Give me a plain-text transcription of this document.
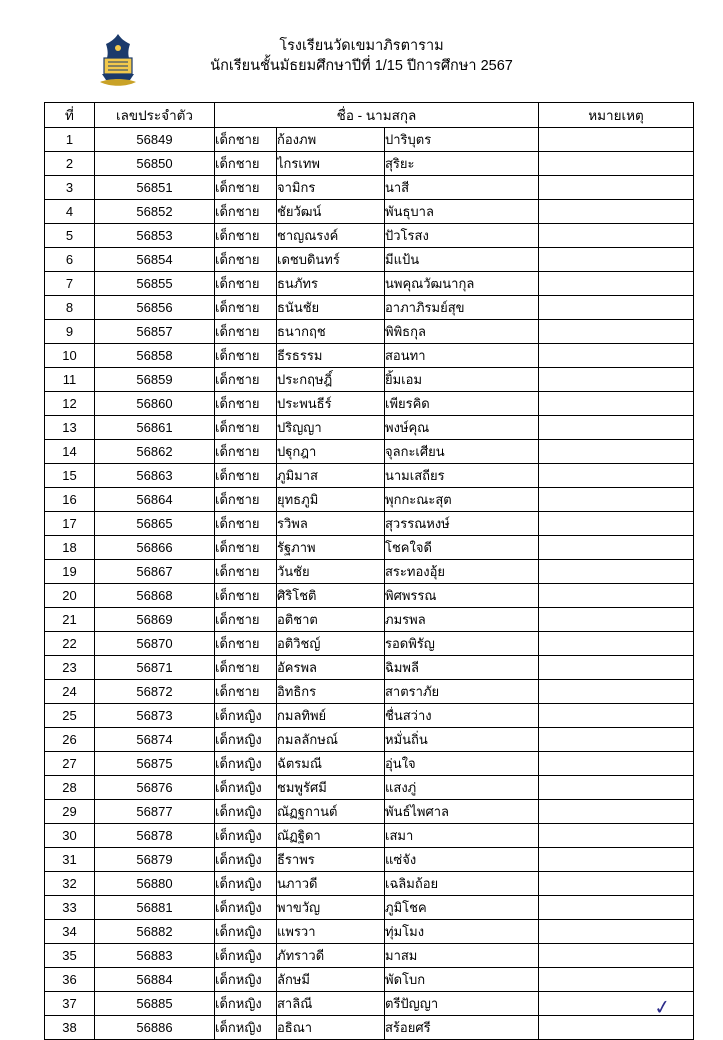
โรงเรียนวัดเขมาภิรตาราม
นักเรียนชั้นมัธยมศึกษาปีที่ 1/15 ปีการศึกษา 2567
ที่	เลขประจำตัว	ชื่อ - นามสกุล			หมายเหตุ
1	56849	เด็กชาย	ก้องภพ	ปาริบุตร	
2	56850	เด็กชาย	ไกรเทพ	สุริยะ	
3	56851	เด็กชาย	จามิกร	นาสี	
4	56852	เด็กชาย	ชัยวัฒน์	พันธุบาล	
5	56853	เด็กชาย	ชาญณรงค์	ปัวโรสง	
6	56854	เด็กชาย	เดชบดินทร์	มีแป้น	
7	56855	เด็กชาย	ธนภัทร	นพคุณวัฒนากุล	
8	56856	เด็กชาย	ธนันชัย	อาภาภิรมย์สุข	
9	56857	เด็กชาย	ธนากฤช	พิพิธกุล	
10	56858	เด็กชาย	ธีรธรรม	สอนทา	
11	56859	เด็กชาย	ประกฤษฎิ์	ยิ้มเอม	
12	56860	เด็กชาย	ประพนธีร์	เพียรคิด	
13	56861	เด็กชาย	ปริญญา	พงษ์คุณ	
14	56862	เด็กชาย	ปฐุกฎา	จุลกะเศียน	
15	56863	เด็กชาย	ภูมิมาส	นามเสถียร	
16	56864	เด็กชาย	ยุทธภูมิ	พุกกะณะสุต	
17	56865	เด็กชาย	รวิพล	สุวรรณหงษ์	
18	56866	เด็กชาย	รัฐภาพ	โชคใจดี	
19	56867	เด็กชาย	วันชัย	สระทองอุ้ย	
20	56868	เด็กชาย	ศิริโชติ	พิศพรรณ	
21	56869	เด็กชาย	อติชาต	ภมรพล	
22	56870	เด็กชาย	อติวิชญ์	รอดพิรัญ	
23	56871	เด็กชาย	อัครพล	ฉิมพลี	
24	56872	เด็กชาย	อิทธิกร	สาตราภัย	
25	56873	เด็กหญิง	กมลทิพย์	ชื่นสว่าง	
26	56874	เด็กหญิง	กมลลักษณ์	หมั่นถิ่น	
27	56875	เด็กหญิง	ฉัตรมณี	อุ่นใจ	
28	56876	เด็กหญิง	ชมพูรัศมี	แสงภู่	
29	56877	เด็กหญิง	ณัฏฐกานต์	พันธ์ไพศาล	
30	56878	เด็กหญิง	ณัฏฐิดา	เสมา	
31	56879	เด็กหญิง	ธีราพร	แซ่จัง	
32	56880	เด็กหญิง	นภาวดี	เฉลิมถ้อย	
33	56881	เด็กหญิง	พาขวัญ	ภูมิโชค	
34	56882	เด็กหญิง	แพรวา	ทุ่มโมง	
35	56883	เด็กหญิง	ภัทราวดี	มาสม	
36	56884	เด็กหญิง	ลักษมี	พัดโบก	
37	56885	เด็กหญิง	สาลิณี	ตรีปัญญา	
38	56886	เด็กหญิง	อธิณา	สร้อยศรี	
✓
